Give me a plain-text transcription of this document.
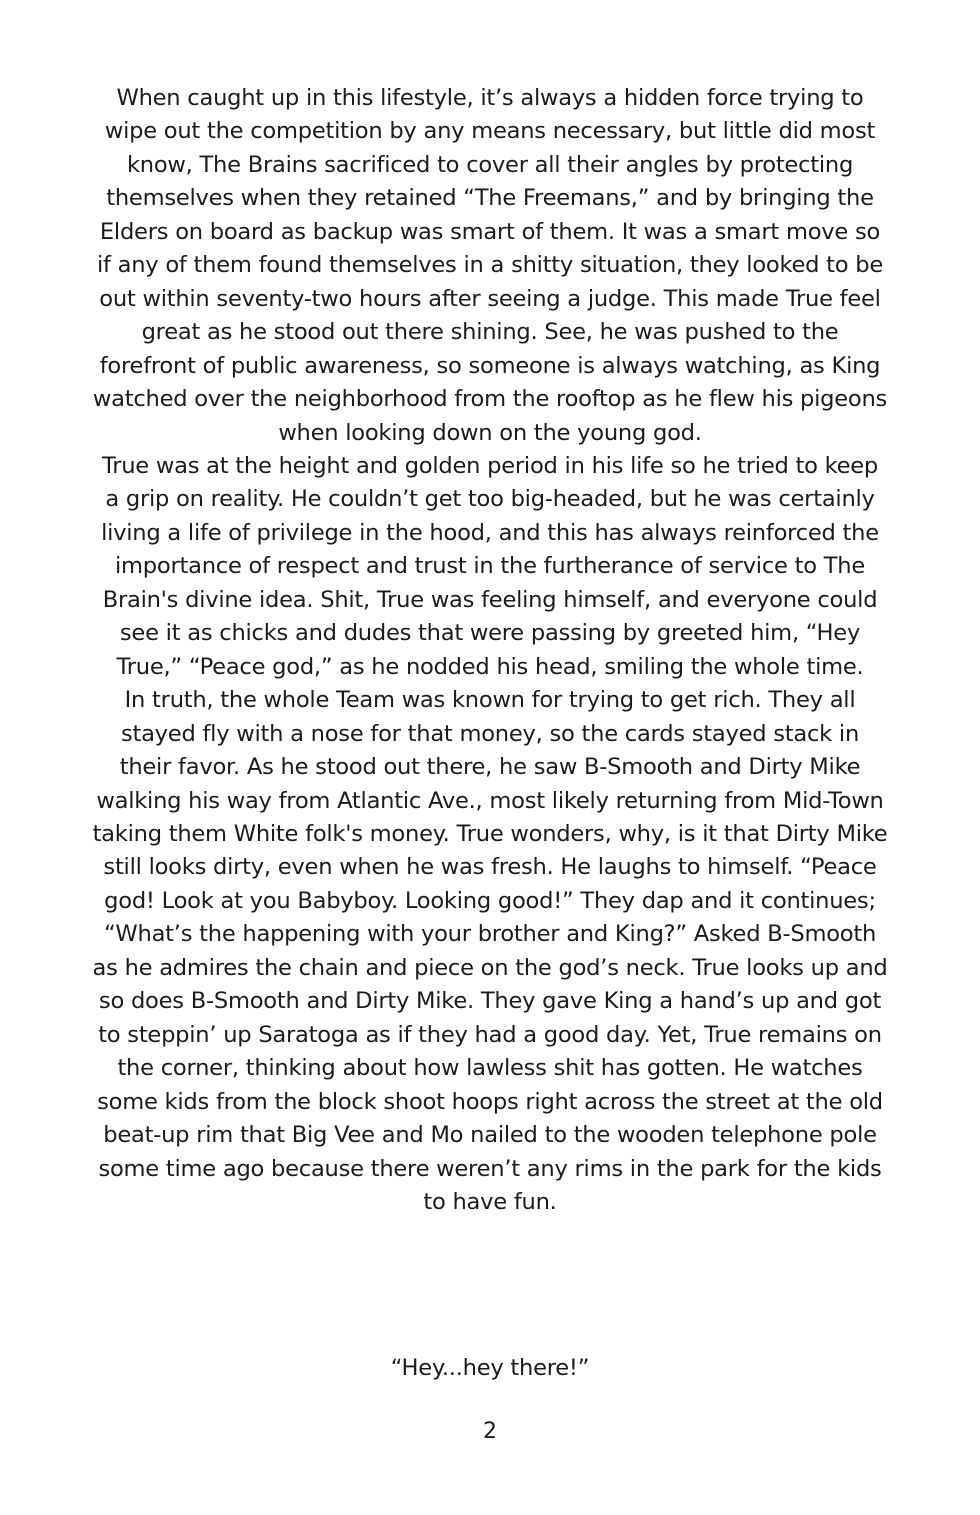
When caught up in this lifestyle, it’s always a hidden force trying to wipe out the competition by any means necessary, but little did most know, The Brains sacrificed to cover all their angles by protecting themselves when they retained “The Freemans,” and by bringing the Elders on board as backup was smart of them. It was a smart move so if any of them found themselves in a shitty situation, they looked to be out within seventy-two hours after seeing a judge. This made True feel great as he stood out there shining. See, he was pushed to the forefront of public awareness, so someone is always watching, as King watched over the neighborhood from the rooftop as he flew his pigeons when looking down on the young god.

True was at the height and golden period in his life so he tried to keep a grip on reality. He couldn’t get too big-headed, but he was certainly living a life of privilege in the hood, and this has always reinforced the importance of respect and trust in the furtherance of service to The Brain's divine idea. Shit, True was feeling himself, and everyone could see it as chicks and dudes that were passing by greeted him, “Hey True,” “Peace god,” as he nodded his head, smiling the whole time.

In truth, the whole Team was known for trying to get rich. They all stayed fly with a nose for that money, so the cards stayed stack in their favor. As he stood out there, he saw B-Smooth and Dirty Mike walking his way from Atlantic Ave., most likely returning from Mid-Town taking them White folk's money. True wonders, why, is it that Dirty Mike still looks dirty, even when he was fresh. He laughs to himself. “Peace god! Look at you Babyboy. Looking good!” They dap and it continues; “What’s the happening with your brother and King?” Asked B-Smooth as he admires the chain and piece on the god’s neck. True looks up and so does B-Smooth and Dirty Mike. They gave King a hand’s up and got to steppin’ up Saratoga as if they had a good day. Yet, True remains on the corner, thinking about how lawless shit has gotten. He watches some kids from the block shoot hoops right across the street at the old beat-up rim that Big Vee and Mo nailed to the wooden telephone pole some time ago because there weren’t any rims in the park for the kids to have fun.

“Hey...hey there!”
2
